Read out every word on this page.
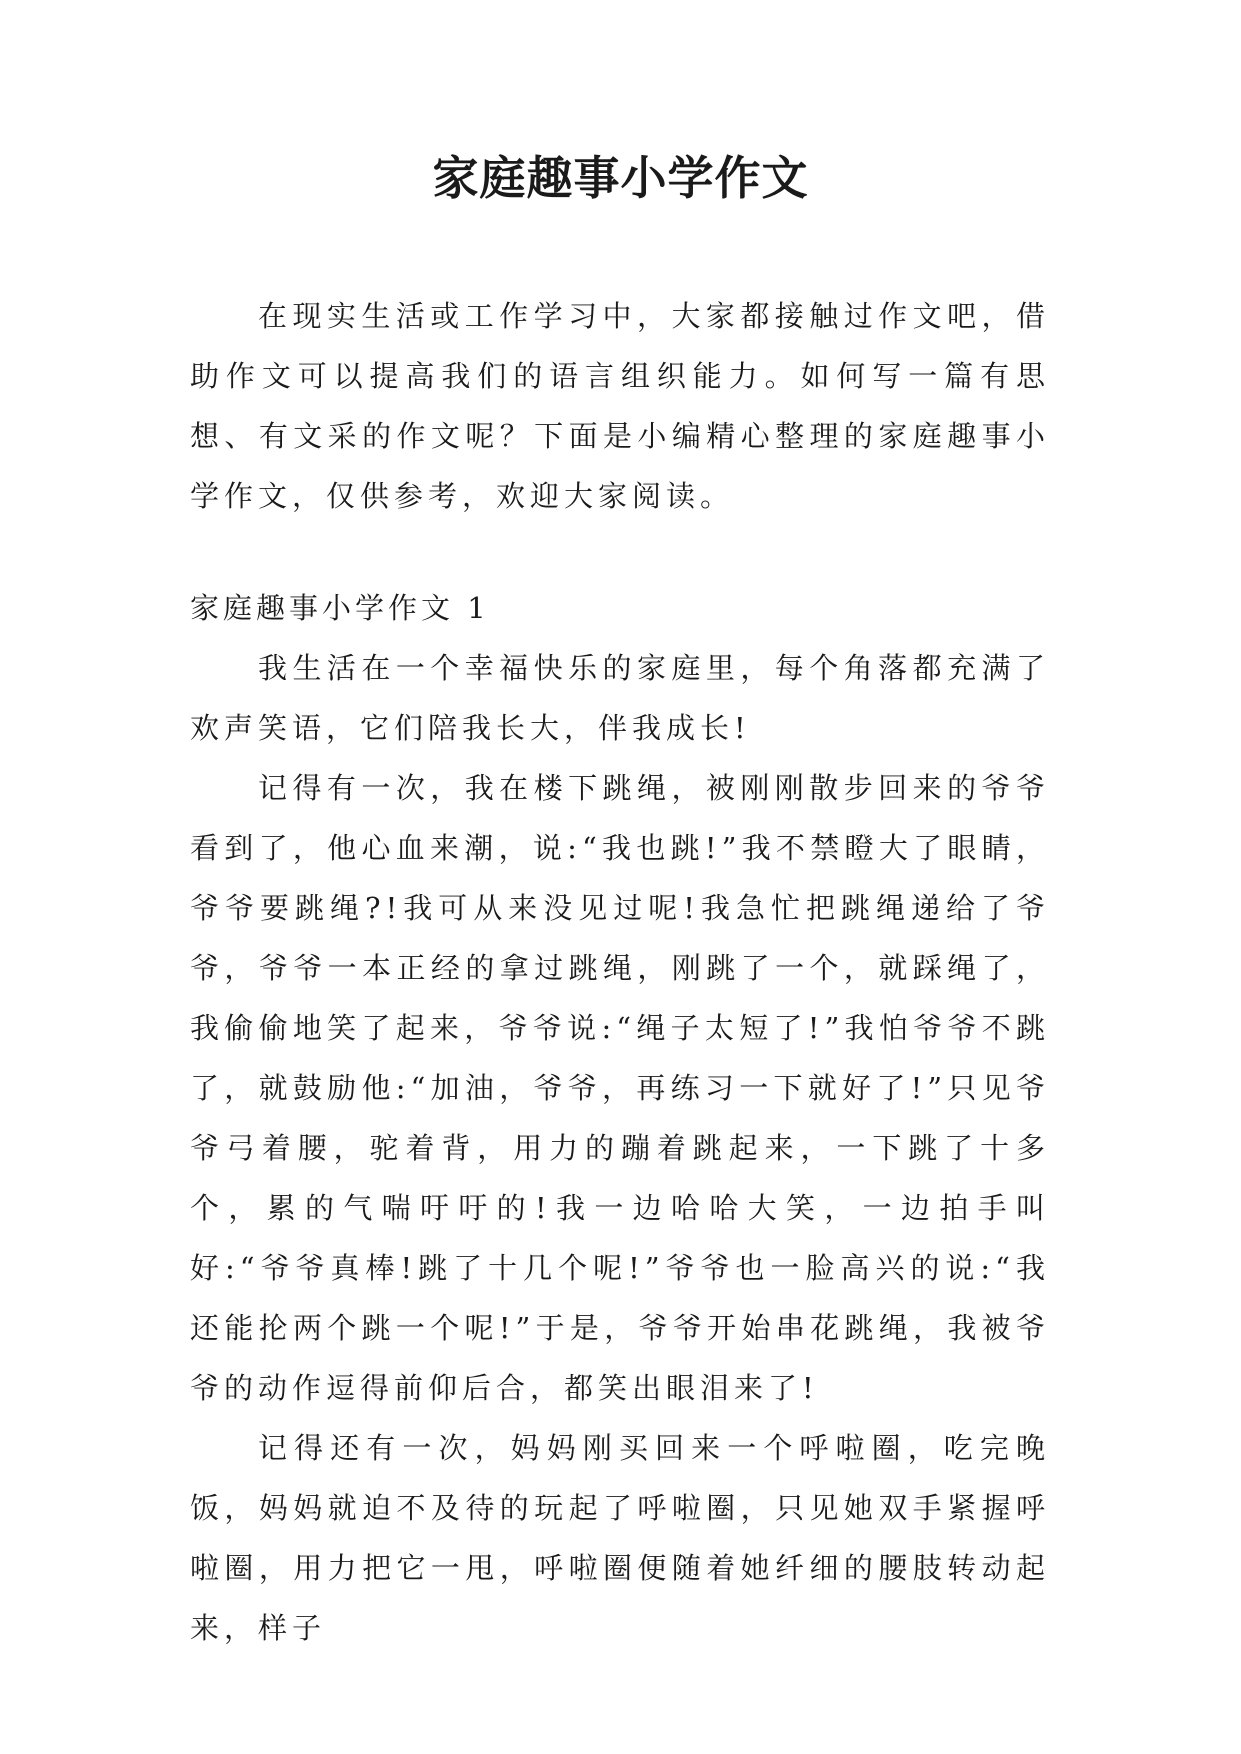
家庭趣事小学作文

在现实生活或工作学习中，大家都接触过作文吧，借助作文可以提高我们的语言组织能力。如何写一篇有思想、有文采的作文呢？下面是小编精心整理的家庭趣事小学作文，仅供参考，欢迎大家阅读。

家庭趣事小学作文 1

我生活在一个幸福快乐的家庭里，每个角落都充满了欢声笑语，它们陪我长大，伴我成长!

记得有一次，我在楼下跳绳，被刚刚散步回来的爷爷看到了，他心血来潮，说:“我也跳!”我不禁瞪大了眼睛，爷爷要跳绳?!我可从来没见过呢!我急忙把跳绳递给了爷爷，爷爷一本正经的拿过跳绳，刚跳了一个，就踩绳了，我偷偷地笑了起来，爷爷说:“绳子太短了!”我怕爷爷不跳了，就鼓励他:“加油，爷爷，再练习一下就好了!”只见爷爷弓着腰，驼着背，用力的蹦着跳起来，一下跳了十多个，累的气喘吁吁的!我一边哈哈大笑，一边拍手叫好:“爷爷真棒!跳了十几个呢!”爷爷也一脸高兴的说:“我还能抡两个跳一个呢!”于是，爷爷开始串花跳绳，我被爷爷的动作逗得前仰后合，都笑出眼泪来了!

记得还有一次，妈妈刚买回来一个呼啦圈，吃完晚饭，妈妈就迫不及待的玩起了呼啦圈，只见她双手紧握呼啦圈，用力把它一甩，呼啦圈便随着她纤细的腰肢转动起来，样子
